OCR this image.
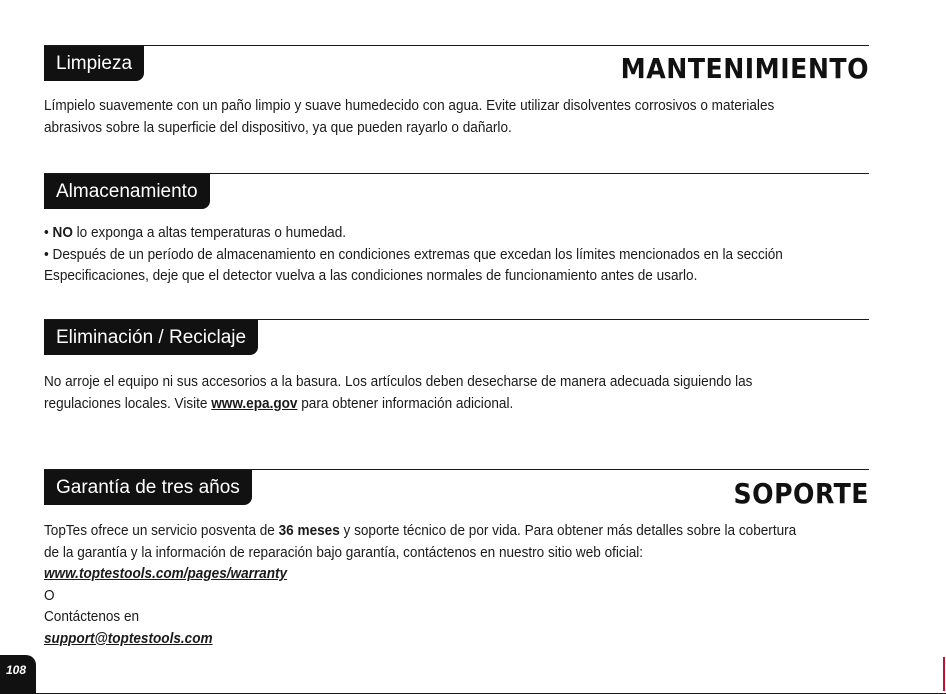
Limpieza	MANTENIMIENTO

Límpielo suavemente con un paño limpio y suave humedecido con agua. Evite utilizar disolventes corrosivos o materiales abrasivos sobre la superficie del dispositivo, ya que pueden rayarlo o dañarlo.

Almacenamiento

• NO lo exponga a altas temperaturas o humedad.

• Después de un período de almacenamiento en condiciones extremas que excedan los límites mencionados en la sección Especificaciones, deje que el detector vuelva a las condiciones normales de funcionamiento antes de usarlo.

Eliminación / Reciclaje

No arroje el equipo ni sus accesorios a la basura. Los artículos deben desecharse de manera adecuada siguiendo las regulaciones locales. Visite www.epa.gov para obtener información adicional.

Garantía de tres años	SOPORTE

TopTes ofrece un servicio posventa de 36 meses y soporte técnico de por vida. Para obtener más detalles sobre la cobertura de la garantía y la información de reparación bajo garantía, contáctenos en nuestro sitio web oficial: www.toptestools.com/pages/warranty

O

Contáctenos en

support@toptestools.com

108
